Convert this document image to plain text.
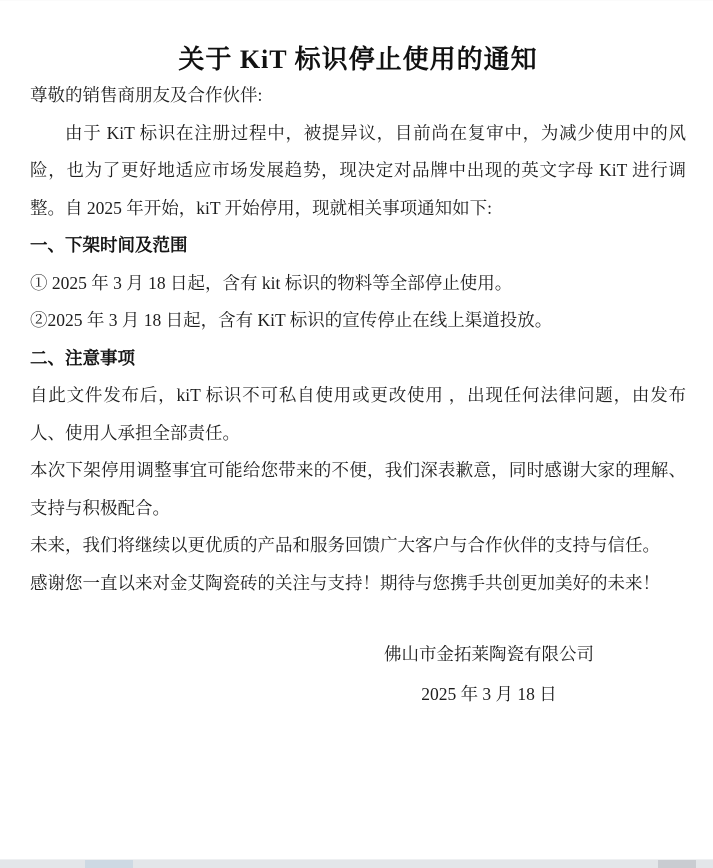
关于 KiT 标识停止使用的通知

尊敬的销售商朋友及合作伙伴:

由于 KiT 标识在注册过程中，被提异议，目前尚在复审中，为减少使用中的风险，也为了更好地适应市场发展趋势，现决定对品牌中出现的英文字母 KiT 进行调整。自 2025 年开始，kiT 开始停用，现就相关事项通知如下:

一、下架时间及范围

① 2025 年 3 月 18 日起，含有 kit 标识的物料等全部停止使用。

②2025 年 3 月 18 日起，含有 KiT 标识的宣传停止在线上渠道投放。

二、注意事项

自此文件发布后，kiT 标识不可私自使用或更改使用 ，出现任何法律问题，由发布人、使用人承担全部责任。

本次下架停用调整事宜可能给您带来的不便，我们深表歉意，同时感谢大家的理解、支持与积极配合。

未来，我们将继续以更优质的产品和服务回馈广大客户与合作伙伴的支持与信任。

感谢您一直以来对金艾陶瓷砖的关注与支持！期待与您携手共创更加美好的未来！

佛山市金拓莱陶瓷有限公司

2025 年 3 月 18 日
